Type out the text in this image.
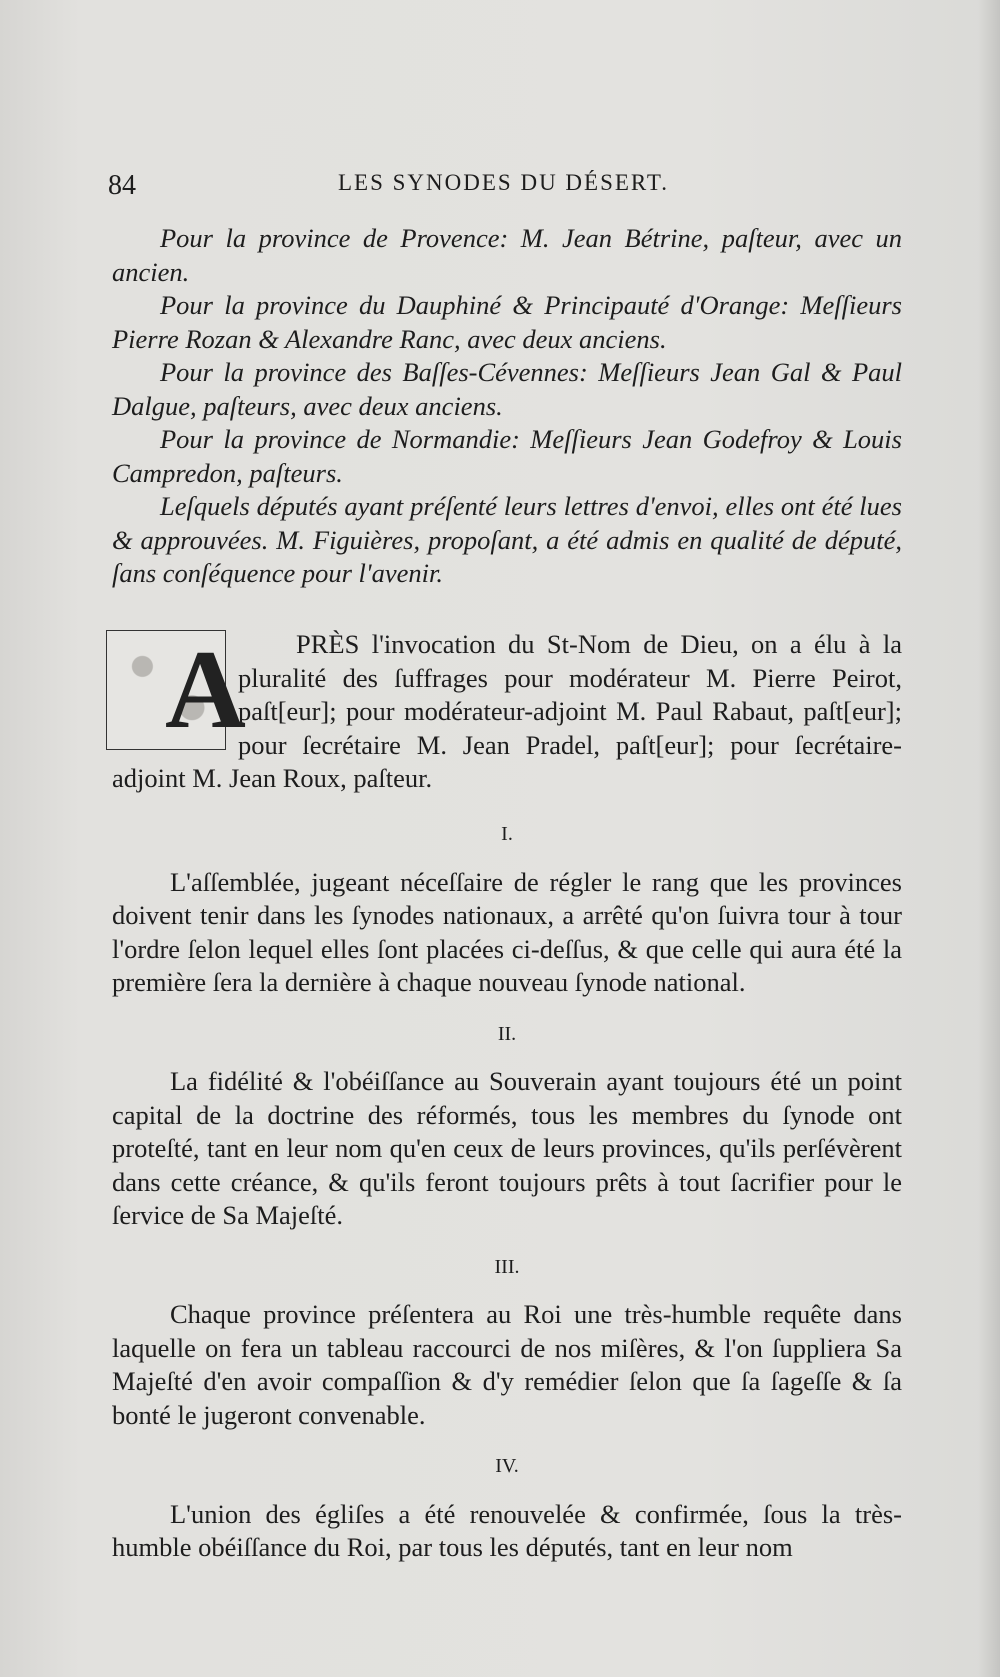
84	LES SYNODES DU DÉSERT.

Pour la province de Provence: M. Jean Bétrine, paſteur, avec un ancien.

Pour la province du Dauphiné & Principauté d'Orange: Meſſieurs Pierre Rozan & Alexandre Ranc, avec deux anciens.

Pour la province des Baſſes-Cévennes: Meſſieurs Jean Gal & Paul Dalgue, paſteurs, avec deux anciens.

Pour la province de Normandie: Meſſieurs Jean Godefroy & Louis Campredon, paſteurs.

Leſquels députés ayant préſenté leurs lettres d'envoi, elles ont été lues & approuvées. M. Figuières, propoſant, a été admis en qualité de député, ſans conſéquence pour l'avenir.

A PRÈS l'invocation du St-Nom de Dieu, on a élu à la pluralité des ſuffrages pour modérateur M. Pierre Peirot, paſt[eur]; pour modérateur-adjoint M. Paul Rabaut, paſt[eur]; pour ſecrétaire M. Jean Pradel, paſt[eur]; pour ſecrétaire-adjoint M. Jean Roux, paſteur.

I.

L'aſſemblée, jugeant néceſſaire de régler le rang que les provinces doivent tenir dans les ſynodes nationaux, a arrêté qu'on ſuivra tour à tour l'ordre ſelon lequel elles ſont placées ci-deſſus, & que celle qui aura été la première ſera la dernière à chaque nouveau ſynode national.

II.

La fidélité & l'obéiſſance au Souverain ayant toujours été un point capital de la doctrine des réformés, tous les membres du ſynode ont proteſté, tant en leur nom qu'en ceux de leurs provinces, qu'ils perſévèrent dans cette créance, & qu'ils feront toujours prêts à tout ſacrifier pour le ſervice de Sa Majeſté.

III.

Chaque province préſentera au Roi une très-humble requête dans laquelle on fera un tableau raccourci de nos miſères, & l'on ſuppliera Sa Majeſté d'en avoir compaſſion & d'y remédier ſelon que ſa ſageſſe & ſa bonté le jugeront convenable.

IV.

L'union des égliſes a été renouvelée & confirmée, ſous la très-humble obéiſſance du Roi, par tous les députés, tant en leur nom
